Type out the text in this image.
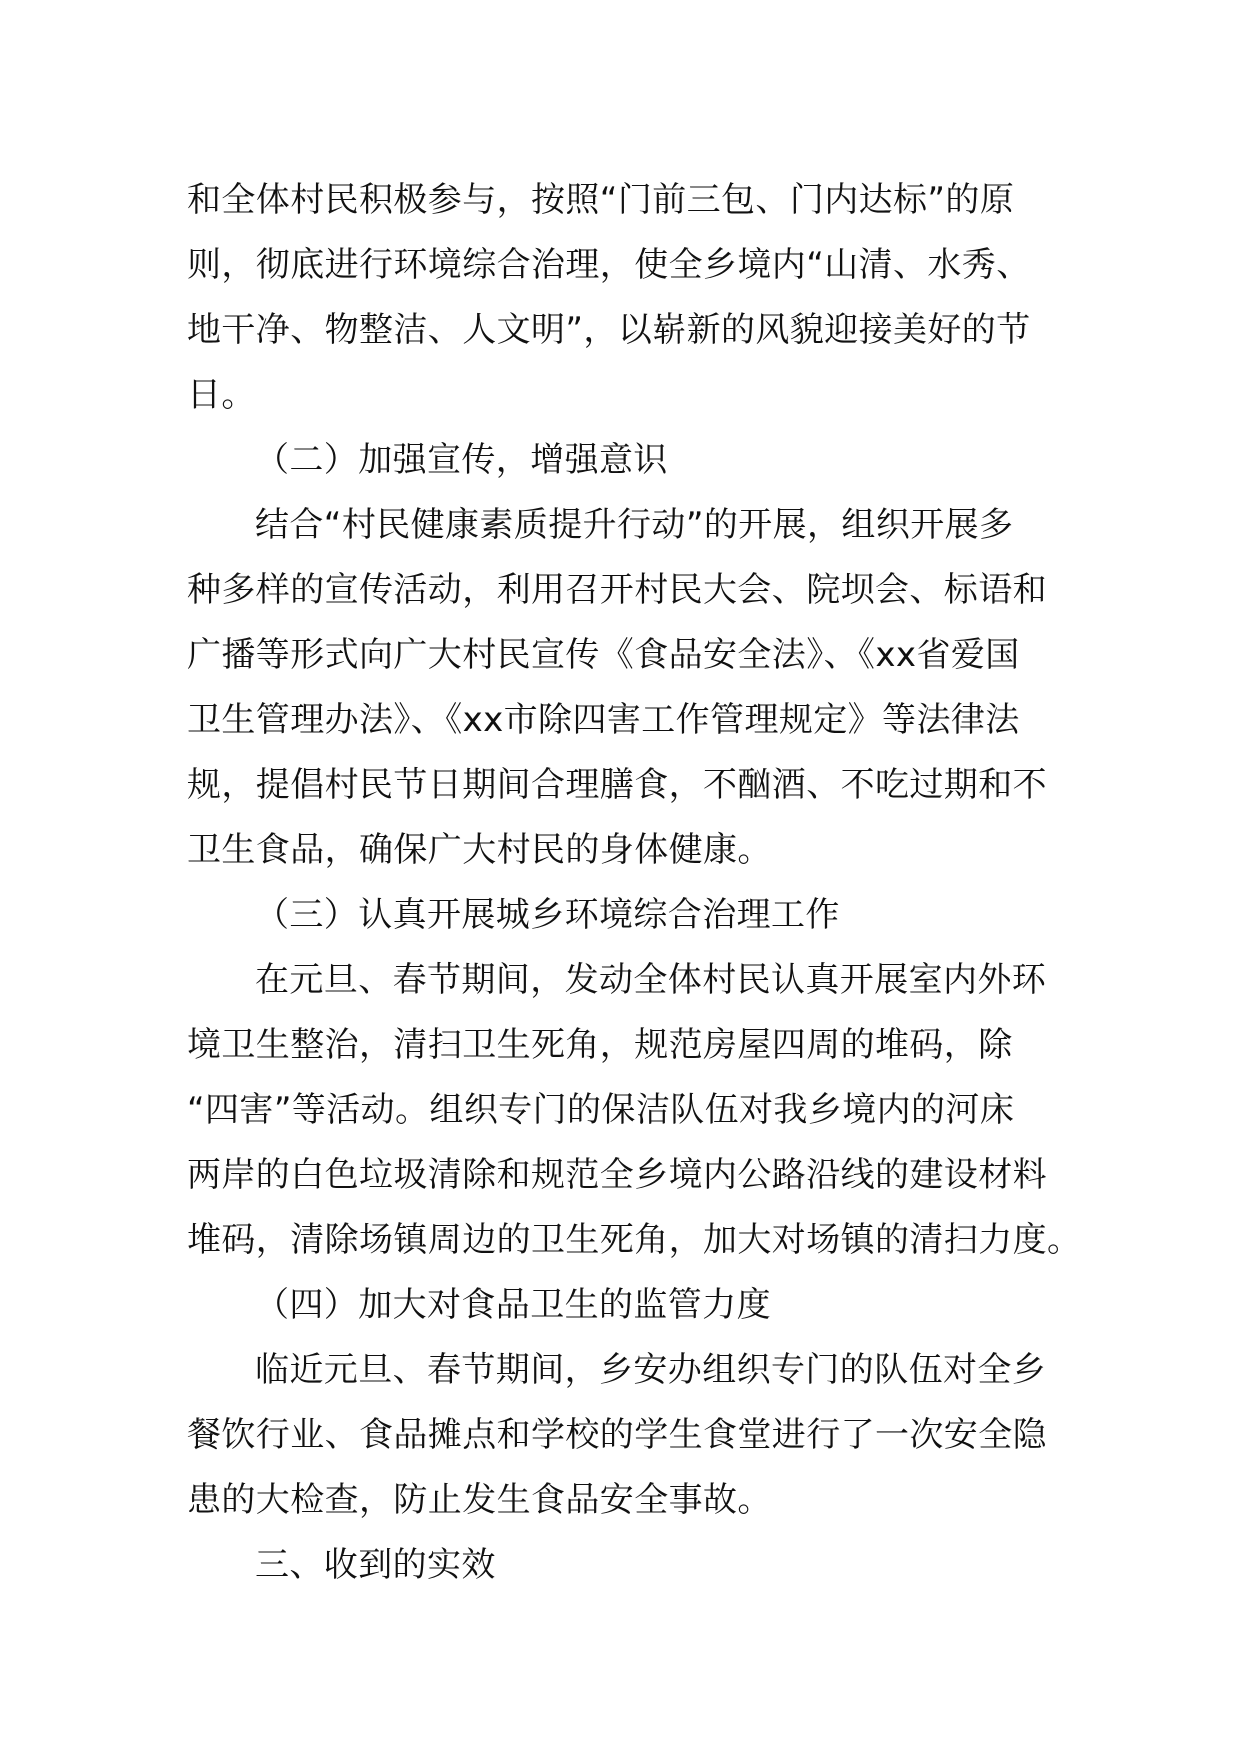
和全体村民积极参与，按照“门前三包、门内达标”的原
则，彻底进行环境综合治理，使全乡境内“山清、水秀、
地干净、物整洁、人文明”，以崭新的风貌迎接美好的节
日。
（二）加强宣传，增强意识
结合“村民健康素质提升行动”的开展，组织开展多
种多样的宣传活动，利用召开村民大会、院坝会、标语和
广播等形式向广大村民宣传《食品安全法》、《xx省爱国
卫生管理办法》、《xx市除四害工作管理规定》等法律法
规，提倡村民节日期间合理膳食，不酗酒、不吃过期和不
卫生食品，确保广大村民的身体健康。
（三）认真开展城乡环境综合治理工作
在元旦、春节期间，发动全体村民认真开展室内外环
境卫生整治，清扫卫生死角，规范房屋四周的堆码，除
“四害”等活动。组织专门的保洁队伍对我乡境内的河床
两岸的白色垃圾清除和规范全乡境内公路沿线的建设材料
堆码，清除场镇周边的卫生死角，加大对场镇的清扫力度。
（四）加大对食品卫生的监管力度
临近元旦、春节期间，乡安办组织专门的队伍对全乡
餐饮行业、食品摊点和学校的学生食堂进行了一次安全隐
患的大检查，防止发生食品安全事故。
三、收到的实效
